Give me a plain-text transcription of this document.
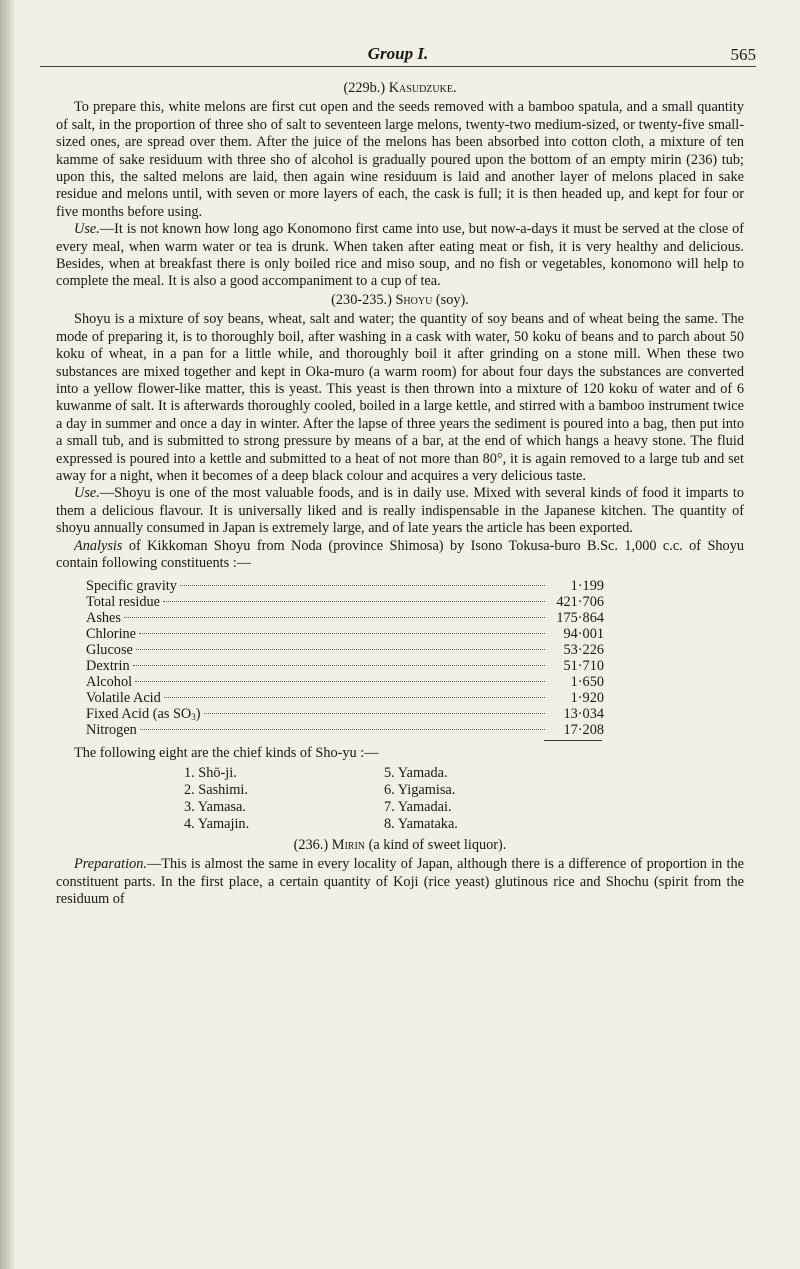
Group I.	565
(229b.) Kasudzuke.

To prepare this, white melons are first cut open and the seeds removed with a bamboo spatula, and a small quantity of salt, in the proportion of three sho of salt to seventeen large melons, twenty-two medium-sized, or twenty-five small-sized ones, are spread over them. After the juice of the melons has been absorbed into cotton cloth, a mixture of ten kamme of sake residuum with three sho of alcohol is gradually poured upon the bottom of an empty mirin (236) tub; upon this, the salted melons are laid, then again wine residuum is laid and another layer of melons placed in sake residue and melons until, with seven or more layers of each, the cask is full; it is then headed up, and kept for four or five months before using.

Use.—It is not known how long ago Konomono first came into use, but now-a-days it must be served at the close of every meal, when warm water or tea is drunk. When taken after eating meat or fish, it is very healthy and delicious. Besides, when at breakfast there is only boiled rice and miso soup, and no fish or vegetables, konomono will help to complete the meal. It is also a good accompaniment to a cup of tea.

(230-235.) Shoyu (soy).

Shoyu is a mixture of soy beans, wheat, salt and water; the quantity of soy beans and of wheat being the same. The mode of preparing it, is to thoroughly boil, after washing in a cask with water, 50 koku of beans and to parch about 50 koku of wheat, in a pan for a little while, and thoroughly boil it after grinding on a stone mill. When these two substances are mixed together and kept in Oka-muro (a warm room) for about four days the substances are converted into a yellow flower-like matter, this is yeast. This yeast is then thrown into a mixture of 120 koku of water and of 6 kuwanme of salt. It is afterwards thoroughly cooled, boiled in a large kettle, and stirred with a bamboo instrument twice a day in summer and once a day in winter. After the lapse of three years the sediment is poured into a bag, then put into a small tub, and is submitted to strong pressure by means of a bar, at the end of which hangs a heavy stone. The fluid expressed is poured into a kettle and submitted to a heat of not more than 80°, it is again removed to a large tub and set away for a night, when it becomes of a deep black colour and acquires a very delicious taste.

Use.—Shoyu is one of the most valuable foods, and is in daily use. Mixed with several kinds of food it imparts to them a delicious flavour. It is universally liked and is really indispensable in the Japanese kitchen. The quantity of shoyu annually consumed in Japan is extremely large, and of late years the article has been exported.

Analysis of Kikkoman Shoyu from Noda (province Shimosa) by Isono Tokusa-buro B.Sc. 1,000 c.c. of Shoyu contain following constituents :—

Specific gravity	1·199
Total residue	421·706
Ashes	175·864
Chlorine	94·001
Glucose	53·226
Dextrin	51·710
Alcohol	1·650
Volatile Acid	1·920
Fixed Acid (as $SO_3$)	13·034
Nitrogen	17·208

The following eight are the chief kinds of Sho-yu :—

1. Shō-ji.	5. Yamada.
2. Sashimi.	6. Yigamisa.
3. Yamasa.	7. Yamadai.
4. Yamajin.	8. Yamataka.
(236.) Mirin (a kind of sweet liquor).

Preparation.—This is almost the same in every locality of Japan, although there is a difference of proportion in the constituent parts. In the first place, a certain quantity of Koji (rice yeast) glutinous rice and Shochu (spirit from the residuum of
